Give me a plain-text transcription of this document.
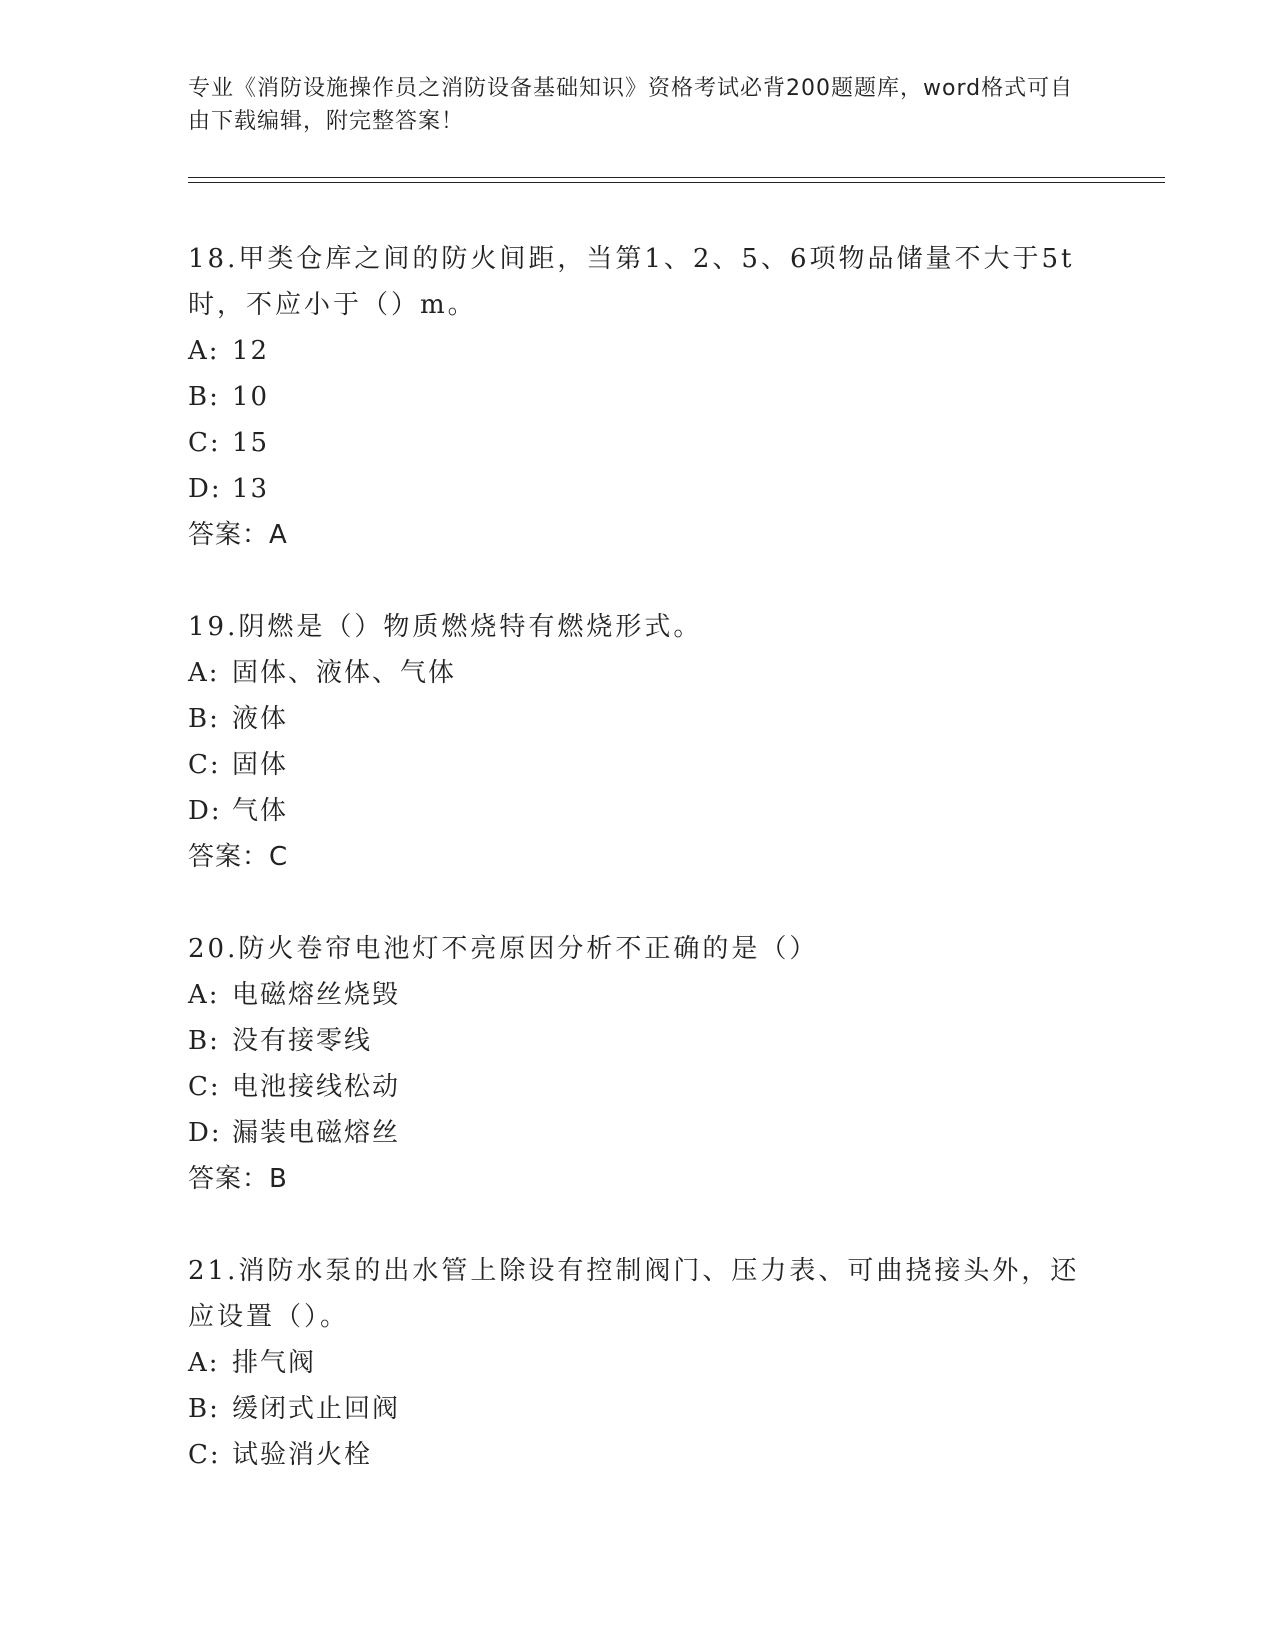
专业《消防设施操作员之消防设备基础知识》资格考试必背200题题库，word格式可自由下载编辑，附完整答案！
18.甲类仓库之间的防火间距，当第1、2、5、6项物品储量不大于5t时，不应小于（）m。
A: 12
B: 10
C: 15
D: 13
答案：A
19.阴燃是（）物质燃烧特有燃烧形式。
A: 固体、液体、气体
B: 液体
C: 固体
D: 气体
答案：C
20.防火卷帘电池灯不亮原因分析不正确的是（）
A: 电磁熔丝烧毁
B: 没有接零线
C: 电池接线松动
D: 漏装电磁熔丝
答案：B
21.消防水泵的出水管上除设有控制阀门、压力表、可曲挠接头外，还应设置（）。
A: 排气阀
B: 缓闭式止回阀
C: 试验消火栓
